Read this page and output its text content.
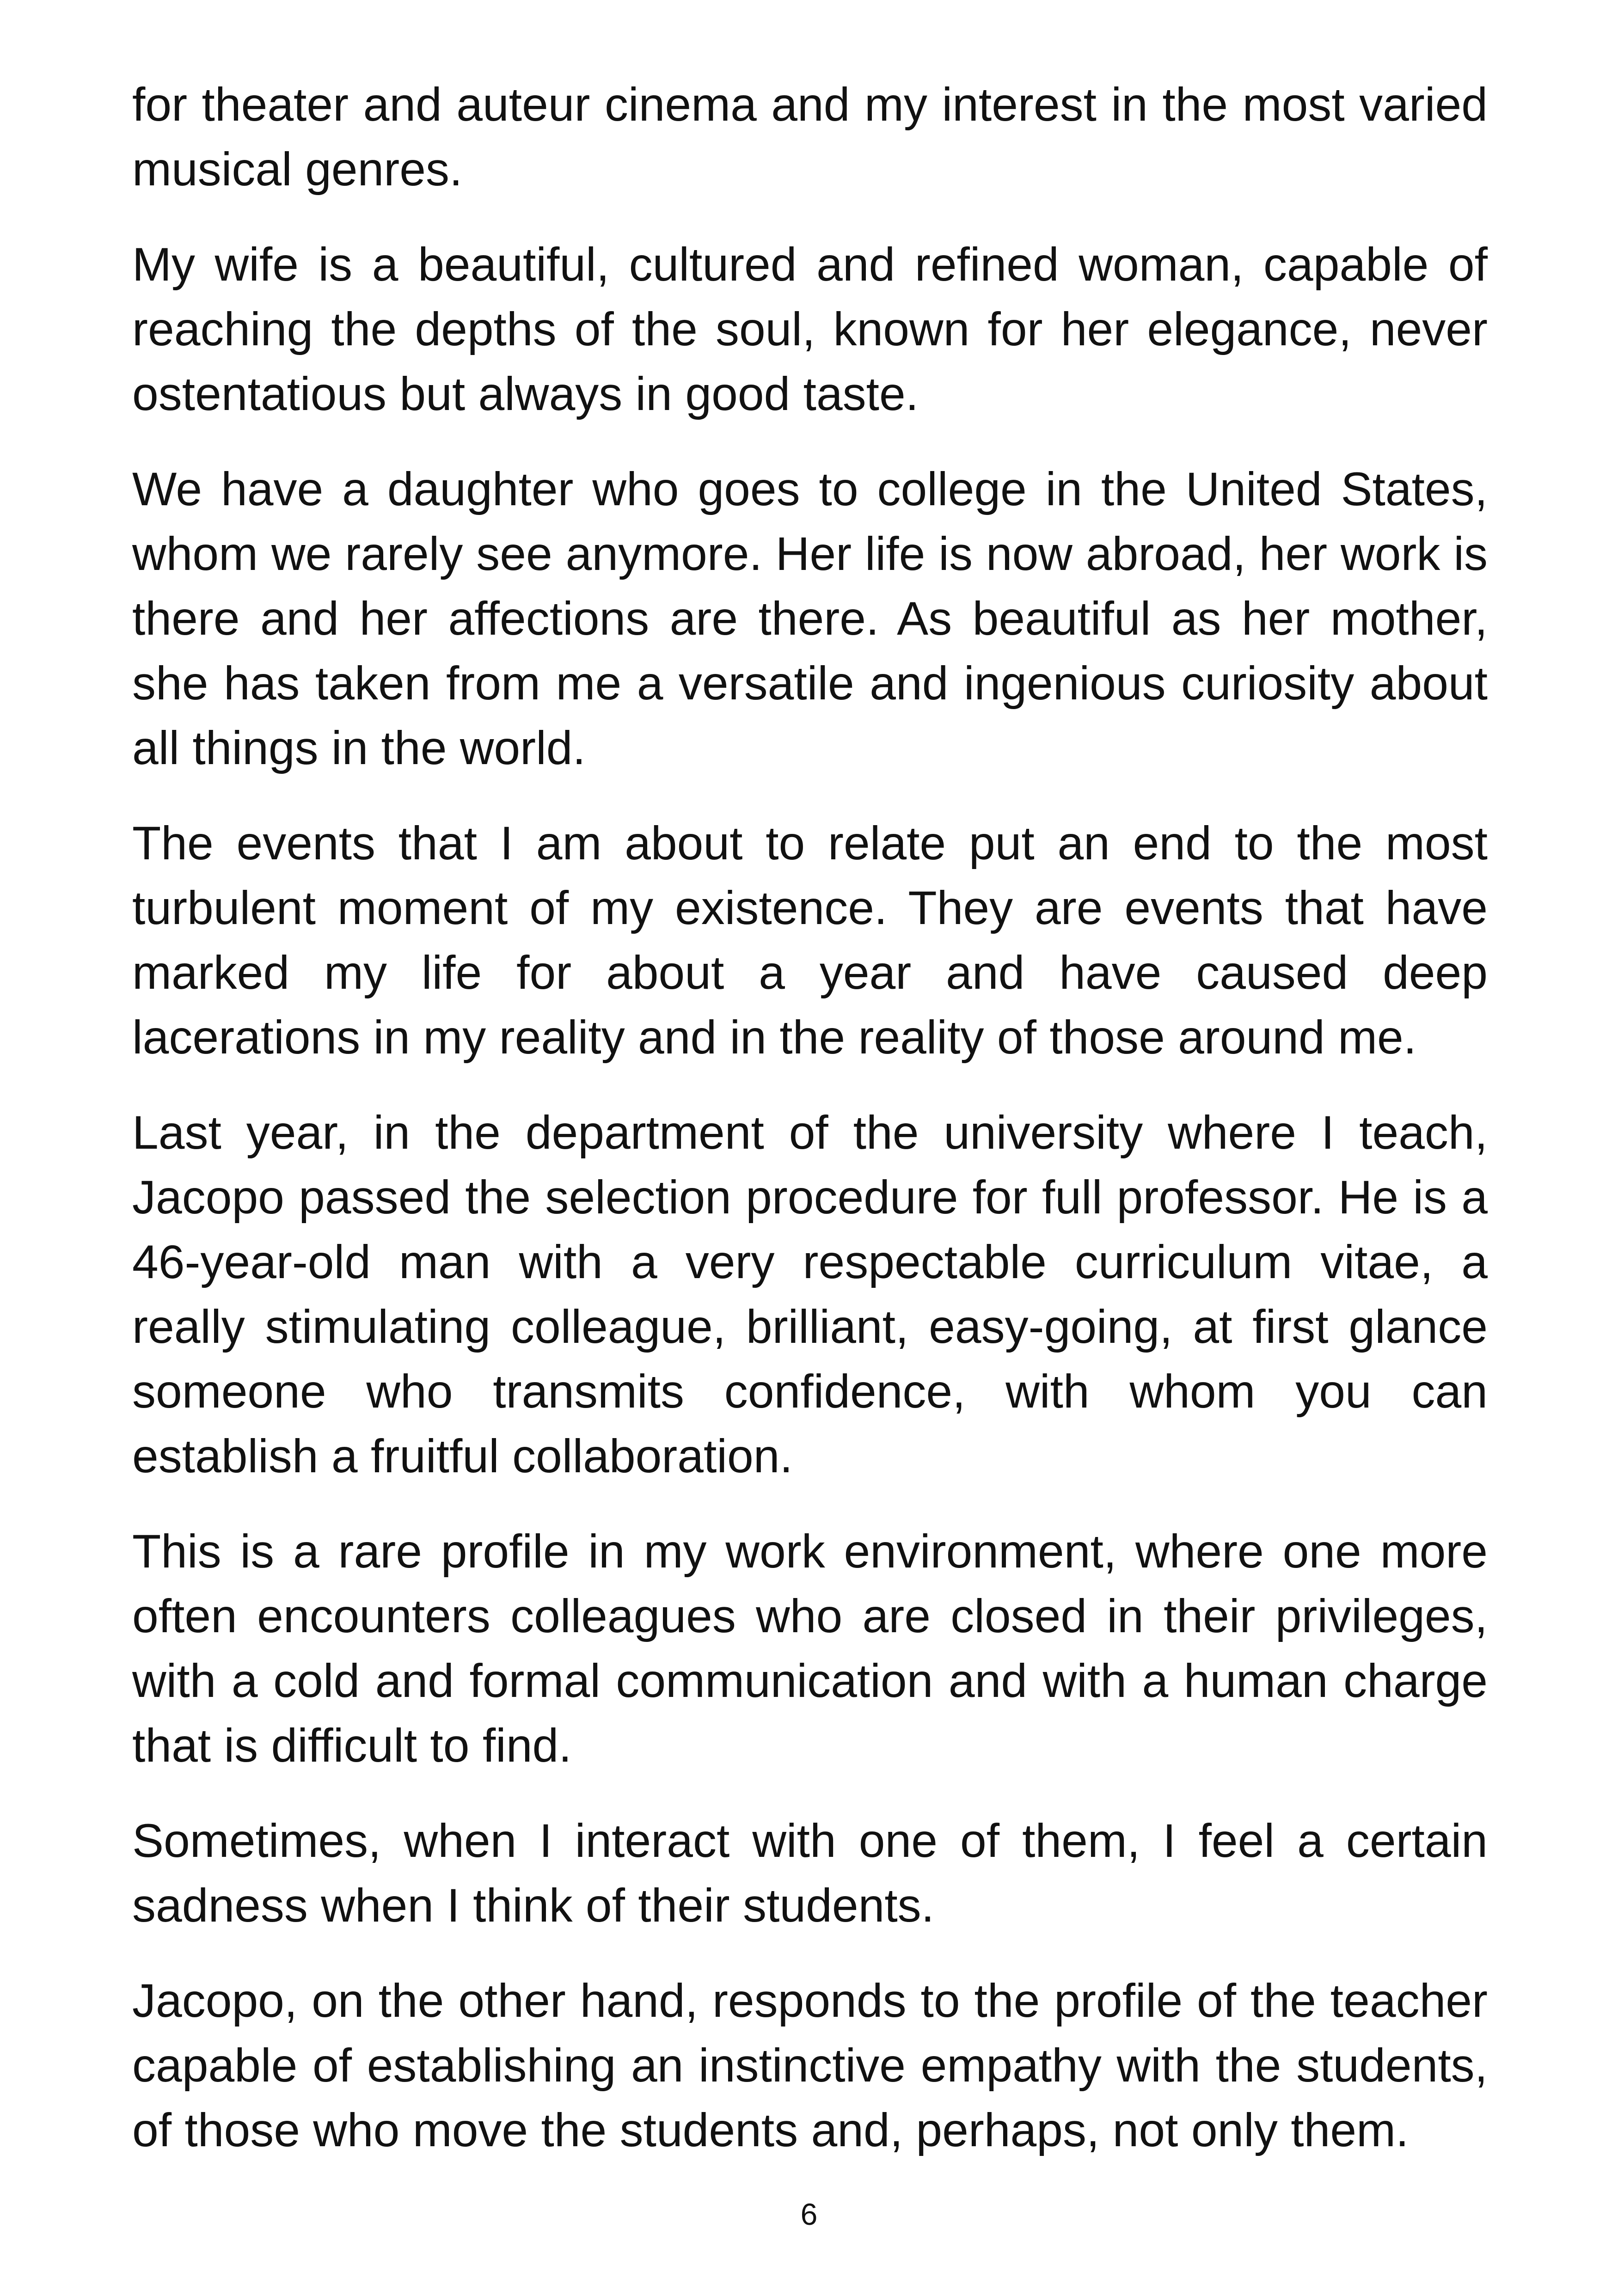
for theater and auteur cinema and my interest in the most varied musical genres.

My wife is a beautiful, cultured and refined woman, capable of reaching the depths of the soul, known for her elegance, never ostentatious but always in good taste.

We have a daughter who goes to college in the United States, whom we rarely see anymore. Her life is now abroad, her work is there and her affections are there. As beautiful as her mother, she has taken from me a versatile and ingenious curiosity about all things in the world.

The events that I am about to relate put an end to the most turbulent moment of my existence. They are events that have marked my life for about a year and have caused deep lacerations in my reality and in the reality of those around me.

Last year, in the department of the university where I teach, Jacopo passed the selection procedure for full professor. He is a 46-year-old man with a very respectable curriculum vitae, a really stimulating colleague, brilliant, easy-going, at first glance someone who transmits confidence, with whom you can establish a fruitful collaboration.

This is a rare profile in my work environment, where one more often encounters colleagues who are closed in their privileges, with a cold and formal communication and with a human charge that is difficult to find.

Sometimes, when I interact with one of them, I feel a certain sadness when I think of their students.

Jacopo, on the other hand, responds to the profile of the teacher capable of establishing an instinctive empathy with the students, of those who move the students and, perhaps, not only them.

6
